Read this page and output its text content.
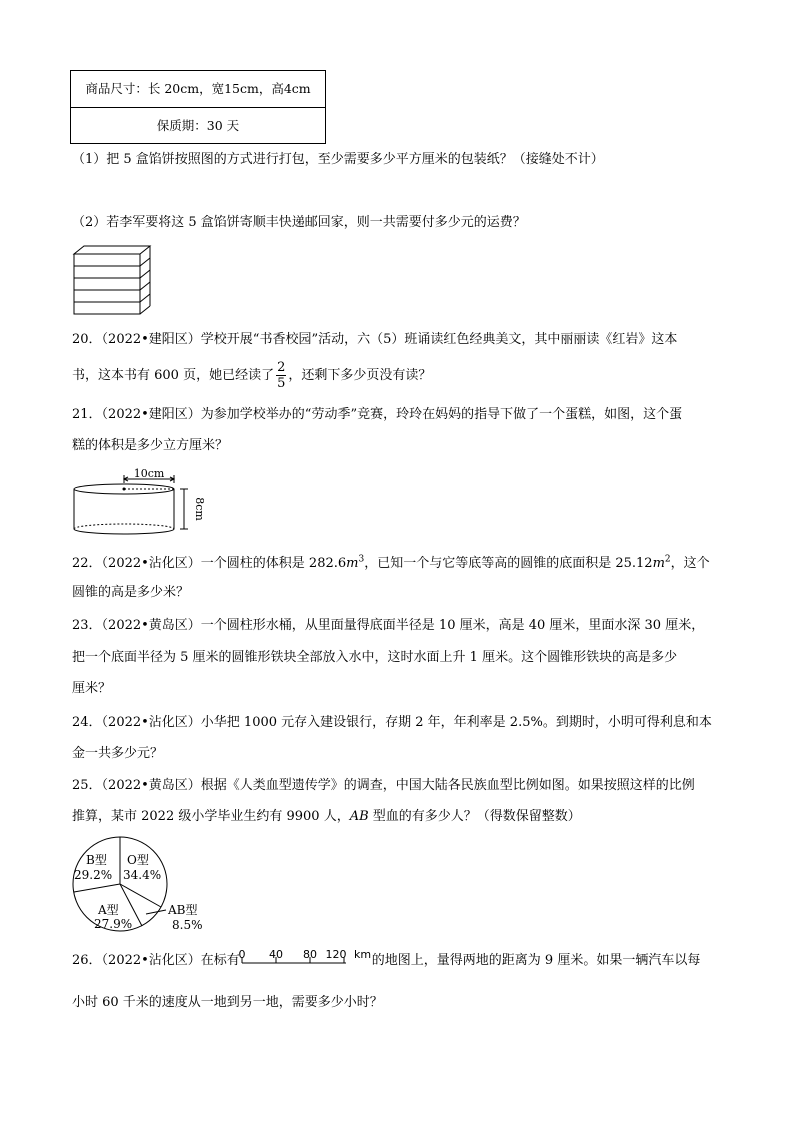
商品尺寸：长 20cm，宽15cm，高4cm
保质期：30 天
（1）把 5 盒馅饼按照图的方式进行打包，至少需要多少平方厘米的包装纸？（接缝处不计）
（2）若李军要将这 5 盒馅饼寄顺丰快递邮回家，则一共需要付多少元的运费？
20．（2022•建阳区）学校开展“书香校园”活动，六（5）班诵读红色经典美文，其中丽丽读《红岩》这本
书，这本书有 600 页，她已经读了 $\frac{2}{5}$ ，还剩下多少页没有读？
21．（2022•建阳区）为参加学校举办的“劳动季”竞赛，玲玲在妈妈的指导下做了一个蛋糕，如图，这个蛋
糕的体积是多少立方厘米？
10cm
8cm
22．（2022•沾化区）一个圆柱的体积是 $282.6m^3$，已知一个与它等底等高的圆锥的底面积是 $25.12m^2$，这个
圆锥的高是多少米？
23．（2022•黄岛区）一个圆柱形水桶，从里面量得底面半径是 10 厘米，高是 40 厘米，里面水深 30 厘米，
把一个底面半径为 5 厘米的圆锥形铁块全部放入水中，这时水面上升 1 厘米。这个圆锥形铁块的高是多少
厘米？
24．（2022•沾化区）小华把 1000 元存入建设银行，存期 2 年，年利率是 2.5%。到期时，小明可得利息和本
金一共多少元？
25．（2022•黄岛区）根据《人类血型遗传学》的调查，中国大陆各民族血型比例如图。如果按照这样的比例
推算，某市 2022 级小学毕业生约有 9900 人，AB 型血的有多少人？（得数保留整数）
B型
29.2%
O型
34.4%
A型
27.9%
AB型
8.5%
26．（2022•沾化区）在标有
0 40 80 120 km 的地图上，量得两地的距离为 9 厘米。如果一辆汽车以每
小时 60 千米的速度从一地到另一地，需要多少小时？
